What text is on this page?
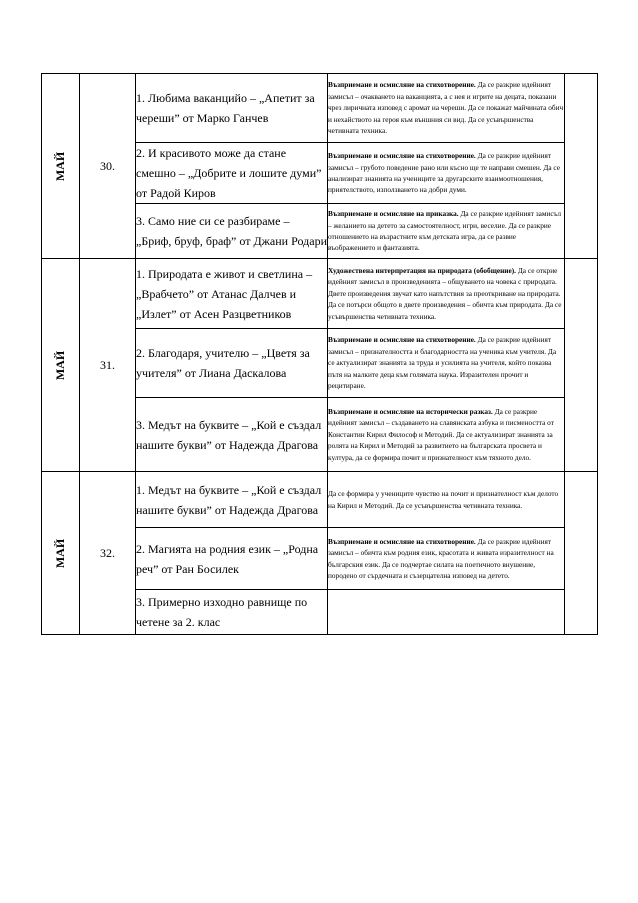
МАЙ	30.	1. Любима ваканцийо – „Апетит за череши” от Марко Ганчев	Възприемане и осмисляне на стихотворение. Да се разкрие идейният замисъл – очакването на ваканцията, а с нея и игрите на децата, показани чрез лиричната изповед с аромат на череши. Да се покажат майчината обич и нехайството на героя към външния си вид. Да се усъвършенства четивната техника.	
		2. И красивото може да стане смешно – „Добрите и лошите думи” от Радой Киров	Възприемане и осмисляне на стихотворение. Да се разкрие идейният замисъл – грубото поведение рано или късно ще те направи смешен. Да се анализират знанията на учениците за другарските взаимоотношения, приятелството, използването на добри думи.	
		3. Само ние си се разбираме – „Бриф, бруф, браф” от Джани Родари	Възприемане и осмисляне на приказка. Да се разкрие идейният замисъл – желанието на детето за самостоятелност, игри, веселие. Да се разкрие отношението на възрастните към детската игра, да се развие въображението и фантазията.	
МАЙ	31.	1. Природата е живот и светлина – „Врабчето” от Атанас Далчев и „Излет” от Асен Разцветников	Художествена интерпретация на природата (обобщение). Да се открие идейният замисъл в произведенията – общуването на човека с природата. Двете произведения звучат като напътствия за преоткриване на природата. Да се потърси общото в двете произведения – обичта към природата. Да се усъвършенства четивната техника.	
		2. Благодаря, учителю – „Цветя за учителя” от Лиана Даскалова	Възприемане и осмисляне на стихотворение. Да се разкрие идейният замисъл – признателността и благодарността на ученика към учителя. Да се актуализират знанията за труда и усилията на учителя, който показва пътя на малките деца към голямата наука. Изразителен прочит и рецитиране.	
		3. Медът на буквите – „Кой е създал нашите букви” от Надежда Драгова	Възприемане и осмисляне на исторически разказ. Да се разкрие идейният замисъл – създаването на славянската азбука и писмеността от Константин Кирил Философ и Методий. Да се актуализират знанията за ролята на Кирил и Методий за развитието на българската просвета и култура, да се формира почит и признателност към тяхното дело.	
МАЙ	32.	1. Медът на буквите – „Кой е създал нашите букви” от Надежда Драгова	Да се формира у учениците чувство на почит и признателност към делото на Кирил и Методий. Да се усъвършенства четивната техника.	
		2. Магията на родния език – „Родна реч” от Ран Босилек	Възприемане и осмисляне на стихотворение. Да се разкрие идейният замисъл – обичта към родния език, красотата и живата изразителност на българския език. Да се подчертае силата на поетичното внушение, породено от сърдечната и съзерцателна изповед на детето.	
		3. Примерно изходно равнище по четене за 2. клас		
